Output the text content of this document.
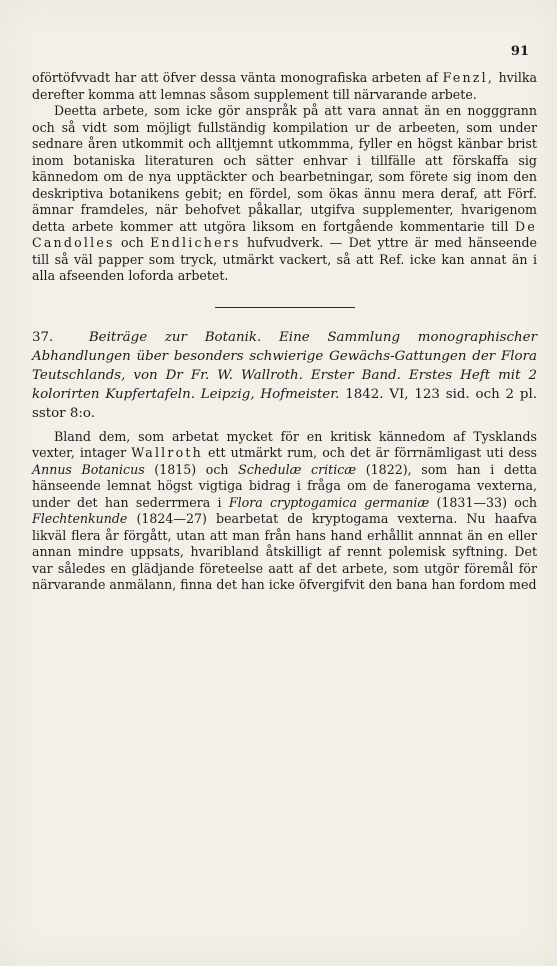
91

oförtöfvvadt har att öfver dessa vänta monografiska arbeten af Fenzl, hvilka derefter komma att lemnas såsom supplement till närvarande arbete.

Deetta arbete, som icke gör anspråk på att vara annat än en nogggrann och så vidt som möjligt fullständig kompilation ur de arbeeten, som under sednare åren utkommit och alltjemnt utkommma, fyller en högst känbar brist inom botaniska literaturen och sätter enhvar i tillfälle att förskaffa sig kännedom om de nya upptäckter och bearbetningar, som förete sig inom den deskriptiva botanikens gebit; en fördel, som ökas ännu mera deraf, att Förf. ämnar framdeles, när behofvet påkallar, utgifva supplementer, hvarigenom detta arbete kommer att utgöra liksom en fortgående kommentarie till De Candolles och Endlichers hufvudverk. — Det yttre är med hänseende till så väl papper som tryck, utmärkt vackert, så att Ref. icke kan annat än i alla afseenden loforda arbetet.

37.	Beiträge zur Botanik. Eine Sammlung monographischer Abhandlungen über besonders schwierige Gewächs-Gattungen der Flora Teutschlands, von Dr Fr. W. Wallroth. Erster Band. Erstes Heft mit 2 kolorirten Kupfertafeln. Leipzig, Hofmeister. 1842. VI, 123 sid. och 2 pl. sstor 8:o.

Bland dem, som arbetat mycket för en kritisk kännedom af Tysklands vexter, intager Wallroth ett utmärkt rum, och det är förrnämligast uti dess Annus Botanicus (1815) och Schedulæ criticæ (1822), som han i detta hänseende lemnat högst vigtiga bidrag i fråga om de fanerogama vexterna, under det han sederrmera i Flora cryptogamica germaniæ (1831—33) och Flechtenkunde (1824—27) bearbetat de kryptogama vexterna. Nu haafva likväl flera år förgått, utan att man från hans hand erhållit annnat än en eller annan mindre uppsats, hvaribland åtskilligt af rennt polemisk syftning. Det var således en glädjande företeelse aatt af det arbete, som utgör föremål för närvarande anmälann, finna det han icke öfvergifvit den bana han fordom med
